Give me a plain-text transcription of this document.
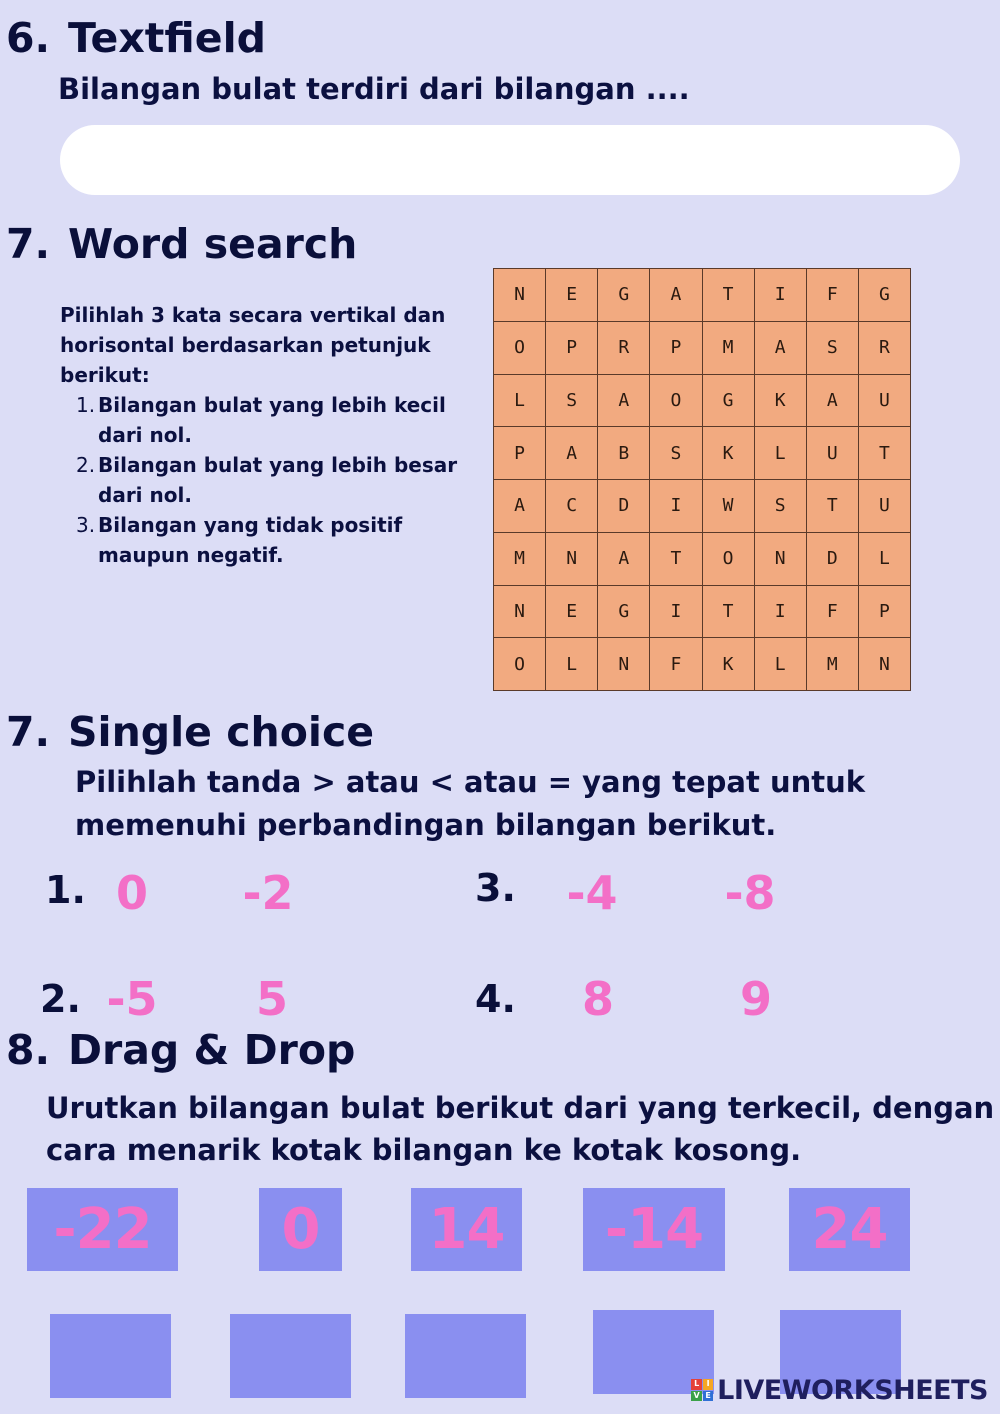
6. Textfield
Bilangan bulat terdiri dari bilangan ....
7. Word search
Pilihlah 3 kata secara vertikal dan horisontal berdasarkan petunjuk berikut:
1. Bilangan bulat yang lebih kecil dari nol.
2. Bilangan bulat yang lebih besar dari nol.
3. Bilangan yang tidak positif maupun negatif.
N	E	G	A	T	I	F	G
O	P	R	P	M	A	S	R
L	S	A	O	G	K	A	U
P	A	B	S	K	L	U	T
A	C	D	I	W	S	T	U
M	N	A	T	O	N	D	L
N	E	G	I	T	I	F	P
O	L	N	F	K	L	M	N
7. Single choice
Pilihlah tanda > atau < atau = yang tepat untuk
memenuhi perbandingan bilangan berikut.
1. 0	-2
2. -5	5
3.	-4	-8
4.	8	9
8. Drag & Drop
Urutkan bilangan bulat berikut dari yang terkecil, dengan
cara menarik kotak bilangan ke kotak kosong.
-22	0	14	-14	24
L I
V E LIVEWORKSHEETS
